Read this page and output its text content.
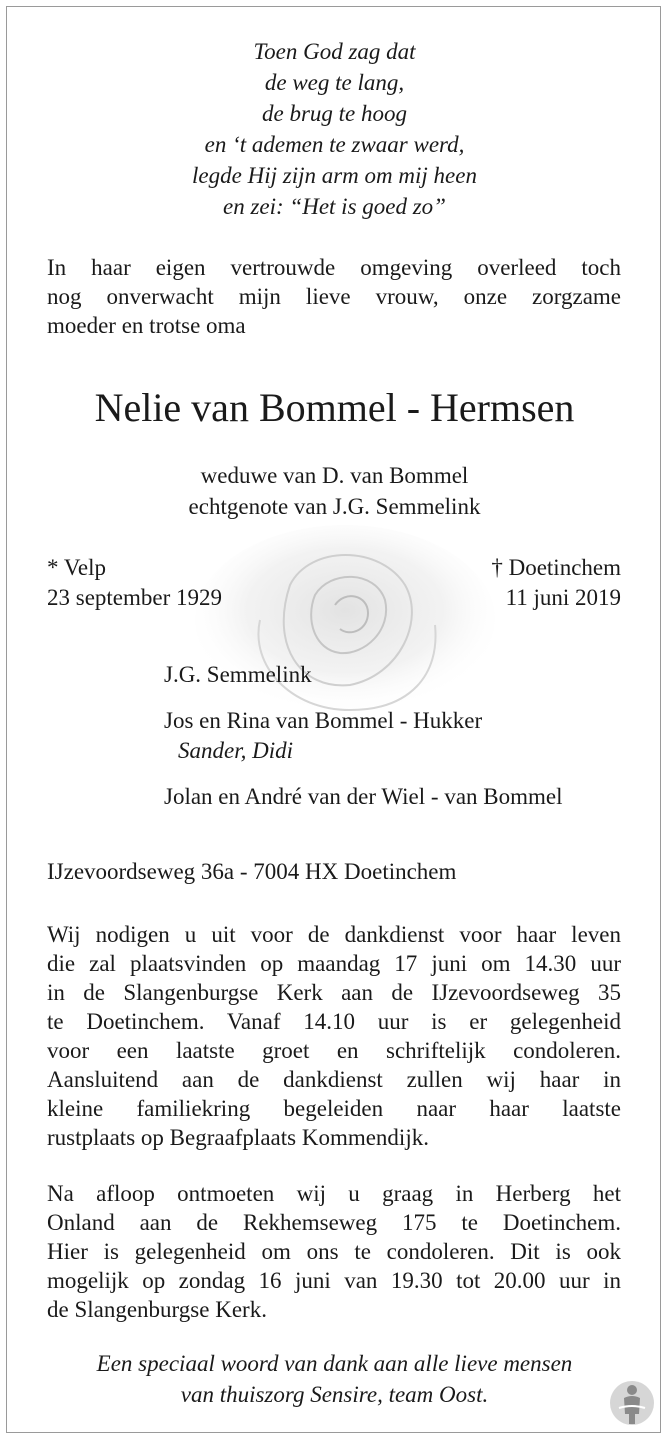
Toen God zag dat
de weg te lang,
de brug te hoog
en ‘t ademen te zwaar werd,
legde Hij zijn arm om mij heen
en zei: “Het is goed zo”
In haar eigen vertrouwde omgeving overleed toch
nog onverwacht mijn lieve vrouw, onze zorgzame
moeder en trotse oma
Nelie van Bommel - Hermsen
weduwe van D. van Bommel
echtgenote van J.G. Semmelink
* Velp
23 september 1929
† Doetinchem
11 juni 2019
J.G. Semmelink
Jos en Rina van Bommel - Hukker
Sander, Didi
Jolan en André van der Wiel - van Bommel
IJzevoordseweg 36a - 7004 HX Doetinchem
Wij nodigen u uit voor de dankdienst voor haar leven
die zal plaatsvinden op maandag 17 juni om 14.30 uur
in de Slangenburgse Kerk aan de IJzevoordseweg 35
te Doetinchem. Vanaf 14.10 uur is er gelegenheid
voor een laatste groet en schriftelijk condoleren.
Aansluitend aan de dankdienst zullen wij haar in
kleine familiekring begeleiden naar haar laatste
rustplaats op Begraafplaats Kommendijk.
Na afloop ontmoeten wij u graag in Herberg het
Onland aan de Rekhemseweg 175 te Doetinchem.
Hier is gelegenheid om ons te condoleren. Dit is ook
mogelijk op zondag 16 juni van 19.30 tot 20.00 uur in
de Slangenburgse Kerk.
Een speciaal woord van dank aan alle lieve mensen
van thuiszorg Sensire, team Oost.
